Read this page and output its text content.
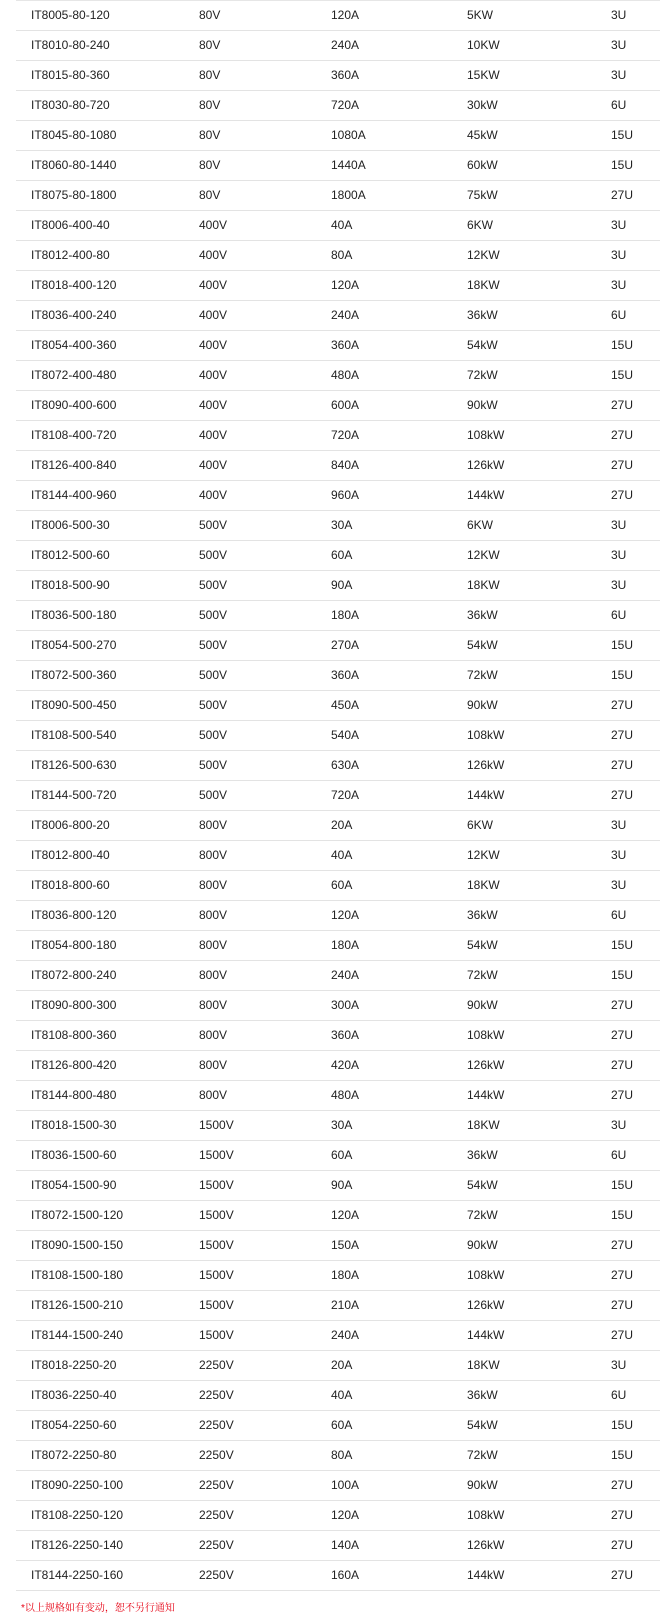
IT8005-80-120	80V	120A	5KW	3U
IT8010-80-240	80V	240A	10KW	3U
IT8015-80-360	80V	360A	15KW	3U
IT8030-80-720	80V	720A	30kW	6U
IT8045-80-1080	80V	1080A	45kW	15U
IT8060-80-1440	80V	1440A	60kW	15U
IT8075-80-1800	80V	1800A	75kW	27U
IT8006-400-40	400V	40A	6KW	3U
IT8012-400-80	400V	80A	12KW	3U
IT8018-400-120	400V	120A	18KW	3U
IT8036-400-240	400V	240A	36kW	6U
IT8054-400-360	400V	360A	54kW	15U
IT8072-400-480	400V	480A	72kW	15U
IT8090-400-600	400V	600A	90kW	27U
IT8108-400-720	400V	720A	108kW	27U
IT8126-400-840	400V	840A	126kW	27U
IT8144-400-960	400V	960A	144kW	27U
IT8006-500-30	500V	30A	6KW	3U
IT8012-500-60	500V	60A	12KW	3U
IT8018-500-90	500V	90A	18KW	3U
IT8036-500-180	500V	180A	36kW	6U
IT8054-500-270	500V	270A	54kW	15U
IT8072-500-360	500V	360A	72kW	15U
IT8090-500-450	500V	450A	90kW	27U
IT8108-500-540	500V	540A	108kW	27U
IT8126-500-630	500V	630A	126kW	27U
IT8144-500-720	500V	720A	144kW	27U
IT8006-800-20	800V	20A	6KW	3U
IT8012-800-40	800V	40A	12KW	3U
IT8018-800-60	800V	60A	18KW	3U
IT8036-800-120	800V	120A	36kW	6U
IT8054-800-180	800V	180A	54kW	15U
IT8072-800-240	800V	240A	72kW	15U
IT8090-800-300	800V	300A	90kW	27U
IT8108-800-360	800V	360A	108kW	27U
IT8126-800-420	800V	420A	126kW	27U
IT8144-800-480	800V	480A	144kW	27U
IT8018-1500-30	1500V	30A	18KW	3U
IT8036-1500-60	1500V	60A	36kW	6U
IT8054-1500-90	1500V	90A	54kW	15U
IT8072-1500-120	1500V	120A	72kW	15U
IT8090-1500-150	1500V	150A	90kW	27U
IT8108-1500-180	1500V	180A	108kW	27U
IT8126-1500-210	1500V	210A	126kW	27U
IT8144-1500-240	1500V	240A	144kW	27U
IT8018-2250-20	2250V	20A	18KW	3U
IT8036-2250-40	2250V	40A	36kW	6U
IT8054-2250-60	2250V	60A	54kW	15U
IT8072-2250-80	2250V	80A	72kW	15U
IT8090-2250-100	2250V	100A	90kW	27U
IT8108-2250-120	2250V	120A	108kW	27U
IT8126-2250-140	2250V	140A	126kW	27U
IT8144-2250-160	2250V	160A	144kW	27U
*以上规格如有变动，恕不另行通知
